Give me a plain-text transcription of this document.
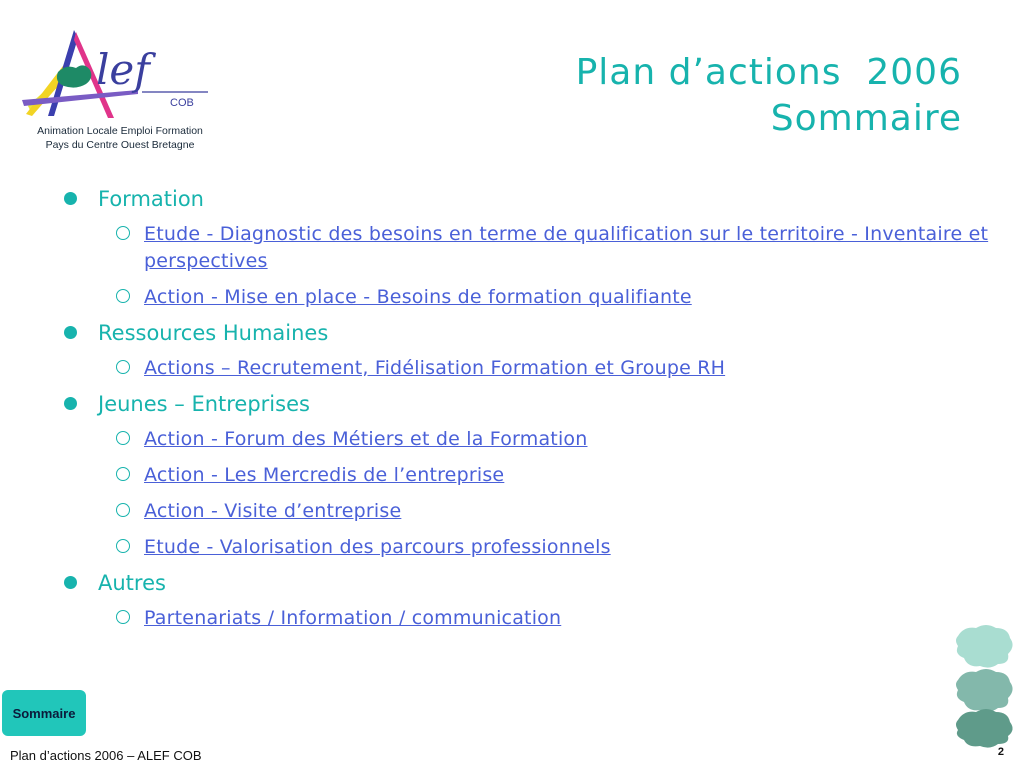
lef
COB
Animation Locale Emploi Formation
Pays du Centre Ouest Bretagne
Plan d’actions  2006
Sommaire
Formation
Etude - Diagnostic des besoins en terme de qualification sur le territoire - Inventaire et perspectives
Action - Mise en place - Besoins de formation qualifiante
Ressources Humaines
Actions – Recrutement, Fidélisation Formation et Groupe RH
Jeunes – Entreprises
Action - Forum des Métiers et de la Formation
Action - Les Mercredis de l’entreprise
Action - Visite d’entreprise
Etude - Valorisation des parcours professionnels
Autres
Partenariats / Information / communication
Sommaire
Plan d’actions 2006 – ALEF COB	2
